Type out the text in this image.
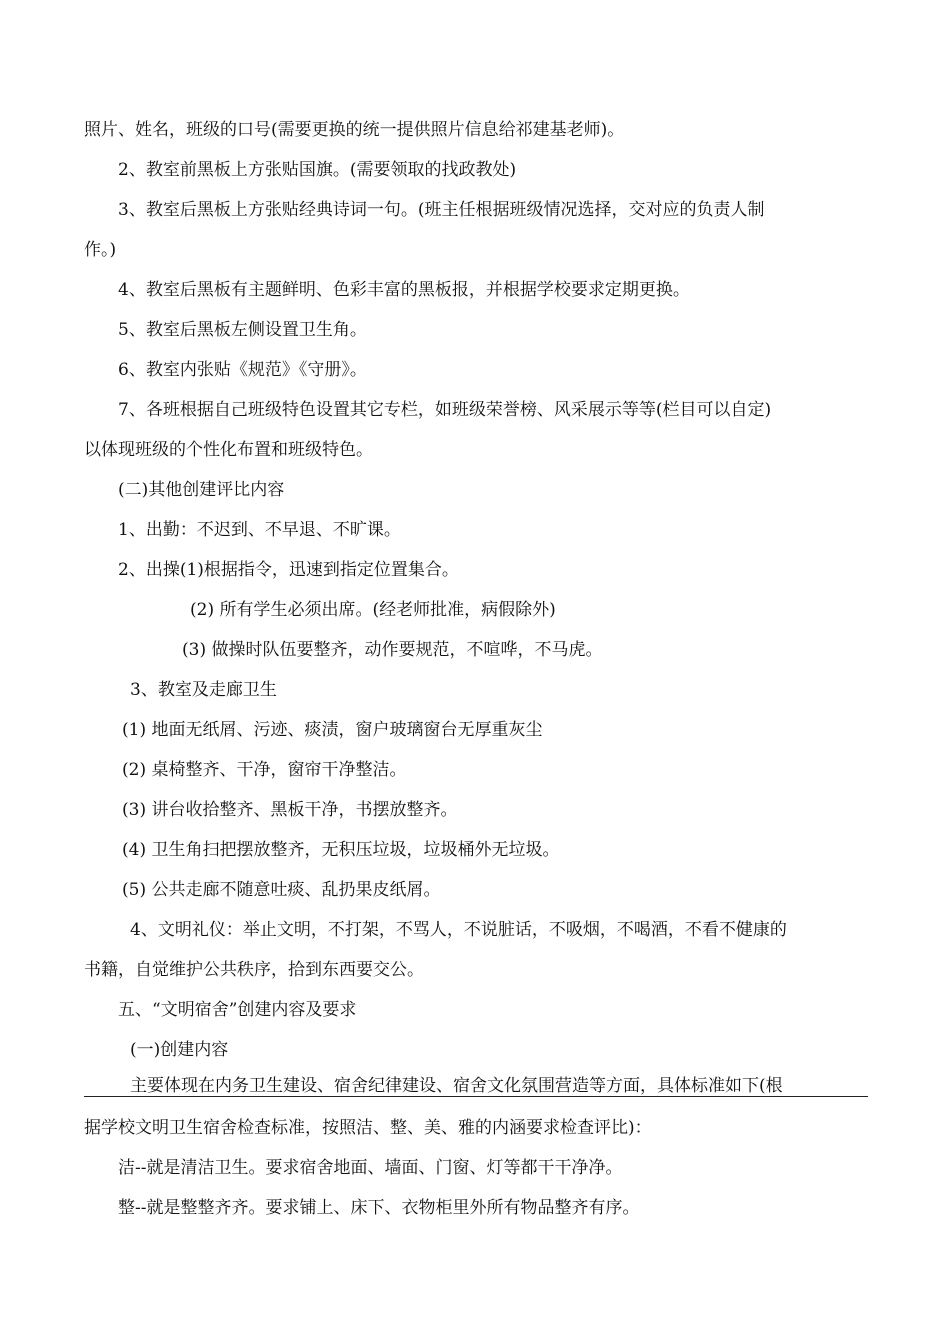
照片、姓名，班级的口号(需要更换的统一提供照片信息给祁建基老师)。
2、教室前黑板上方张贴国旗。(需要领取的找政教处)
3、教室后黑板上方张贴经典诗词一句。(班主任根据班级情况选择，交对应的负责人制
作。)
4、教室后黑板有主题鲜明、色彩丰富的黑板报，并根据学校要求定期更换。
5、教室后黑板左侧设置卫生角。
6、教室内张贴《规范》《守册》。
7、各班根据自己班级特色设置其它专栏，如班级荣誉榜、风采展示等等(栏目可以自定)
以体现班级的个性化布置和班级特色。
(二)其他创建评比内容
1、出勤：不迟到、不早退、不旷课。
2、出操(1)根据指令，迅速到指定位置集合。
(2) 所有学生必须出席。(经老师批准，病假除外)
(3) 做操时队伍要整齐，动作要规范，不喧哗，不马虎。
3、教室及走廊卫生
(1) 地面无纸屑、污迹、痰渍，窗户玻璃窗台无厚重灰尘
(2) 桌椅整齐、干净，窗帘干净整洁。
(3) 讲台收拾整齐、黑板干净，书摆放整齐。
(4) 卫生角扫把摆放整齐，无积压垃圾，垃圾桶外无垃圾。
(5) 公共走廊不随意吐痰、乱扔果皮纸屑。
4、文明礼仪：举止文明，不打架，不骂人，不说脏话，不吸烟，不喝酒，不看不健康的
书籍，自觉维护公共秩序，拾到东西要交公。
五、“文明宿舍”创建内容及要求
(一)创建内容
主要体现在内务卫生建设、宿舍纪律建设、宿舍文化氛围营造等方面，具体标准如下(根
据学校文明卫生宿舍检查标准，按照洁、整、美、雅的内涵要求检查评比)：
洁--就是清洁卫生。要求宿舍地面、墙面、门窗、灯等都干干净净。
整--就是整整齐齐。要求铺上、床下、衣物柜里外所有物品整齐有序。
